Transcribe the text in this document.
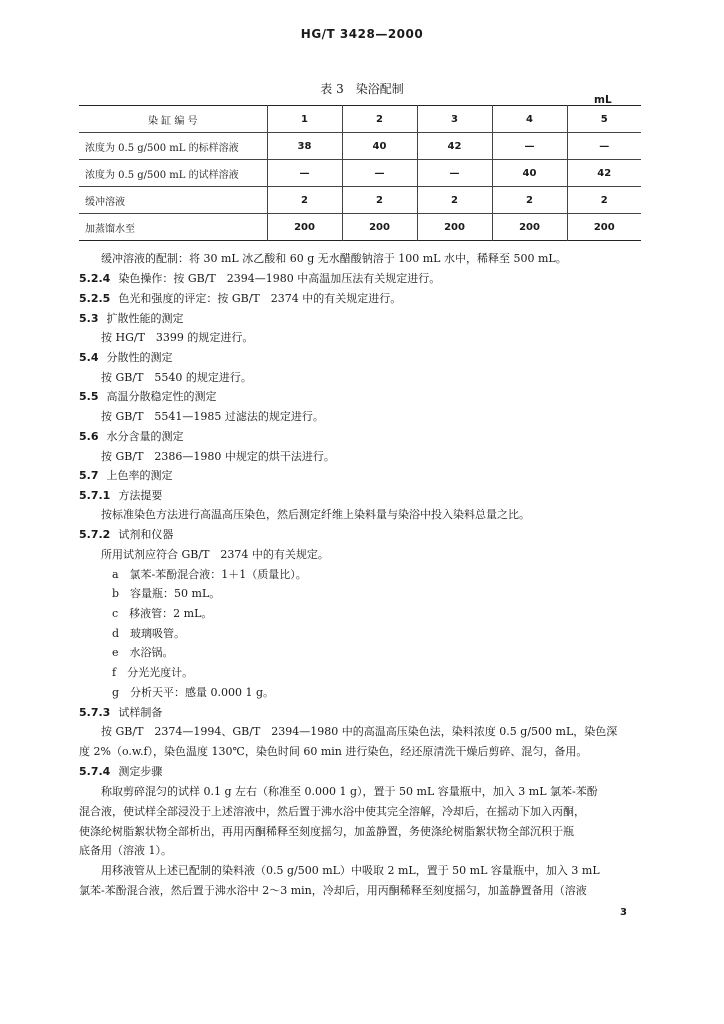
HG/T 3428—2000
表 3　染浴配制
mL
染 缸 编 号	1	2	3	4	5
浓度为 0.5 g/500 mL 的标样溶液	38	40	42	—	—
浓度为 0.5 g/500 mL 的试样溶液	—	—	—	40	42
缓冲溶液	2	2	2	2	2
加蒸馏水至	200	200	200	200	200
缓冲溶液的配制：将 30 mL 冰乙酸和 60 g 无水醋酸钠溶于 100 mL 水中，稀释至 500 mL。
5.2.4 染色操作：按 GB/T　2394—1980 中高温加压法有关规定进行。
5.2.5 色光和强度的评定：按 GB/T　2374 中的有关规定进行。
5.3 扩散性能的测定
按 HG/T　3399 的规定进行。
5.4 分散性的测定
按 GB/T　5540 的规定进行。
5.5 高温分散稳定性的测定
按 GB/T　5541—1985 过滤法的规定进行。
5.6 水分含量的测定
按 GB/T　2386—1980 中规定的烘干法进行。
5.7 上色率的测定
5.7.1 方法提要
按标准染色方法进行高温高压染色，然后测定纤维上染料量与染浴中投入染料总量之比。
5.7.2 试剂和仪器
所用试剂应符合 GB/T　2374 中的有关规定。
a　氯苯-苯酚混合液：1＋1（质量比）。
b　容量瓶：50 mL。
c　移液管：2 mL。
d　玻璃吸管。
e　水浴锅。
f　分光光度计。
g　分析天平：感量 0.000 1 g。
5.7.3 试样制备
按 GB/T　2374—1994、GB/T　2394—1980 中的高温高压染色法，染料浓度 0.5 g/500 mL，染色深
度 2%（o.w.f），染色温度 130℃，染色时间 60 min 进行染色，经还原清洗干燥后剪碎、混匀，备用。
5.7.4 测定步骤
称取剪碎混匀的试样 0.1 g 左右（称准至 0.000 1 g），置于 50 mL 容量瓶中，加入 3 mL 氯苯-苯酚
混合液，使试样全部浸没于上述溶液中，然后置于沸水浴中使其完全溶解，冷却后，在摇动下加入丙酮，
使涤纶树脂絮状物全部析出，再用丙酮稀释至刻度摇匀，加盖静置，务使涤纶树脂絮状物全部沉积于瓶
底备用（溶液 1）。
用移液管从上述已配制的染料液（0.5 g/500 mL）中吸取 2 mL，置于 50 mL 容量瓶中，加入 3 mL
氯苯-苯酚混合液，然后置于沸水浴中 2～3 min，冷却后，用丙酮稀释至刻度摇匀，加盖静置备用（溶液
3
